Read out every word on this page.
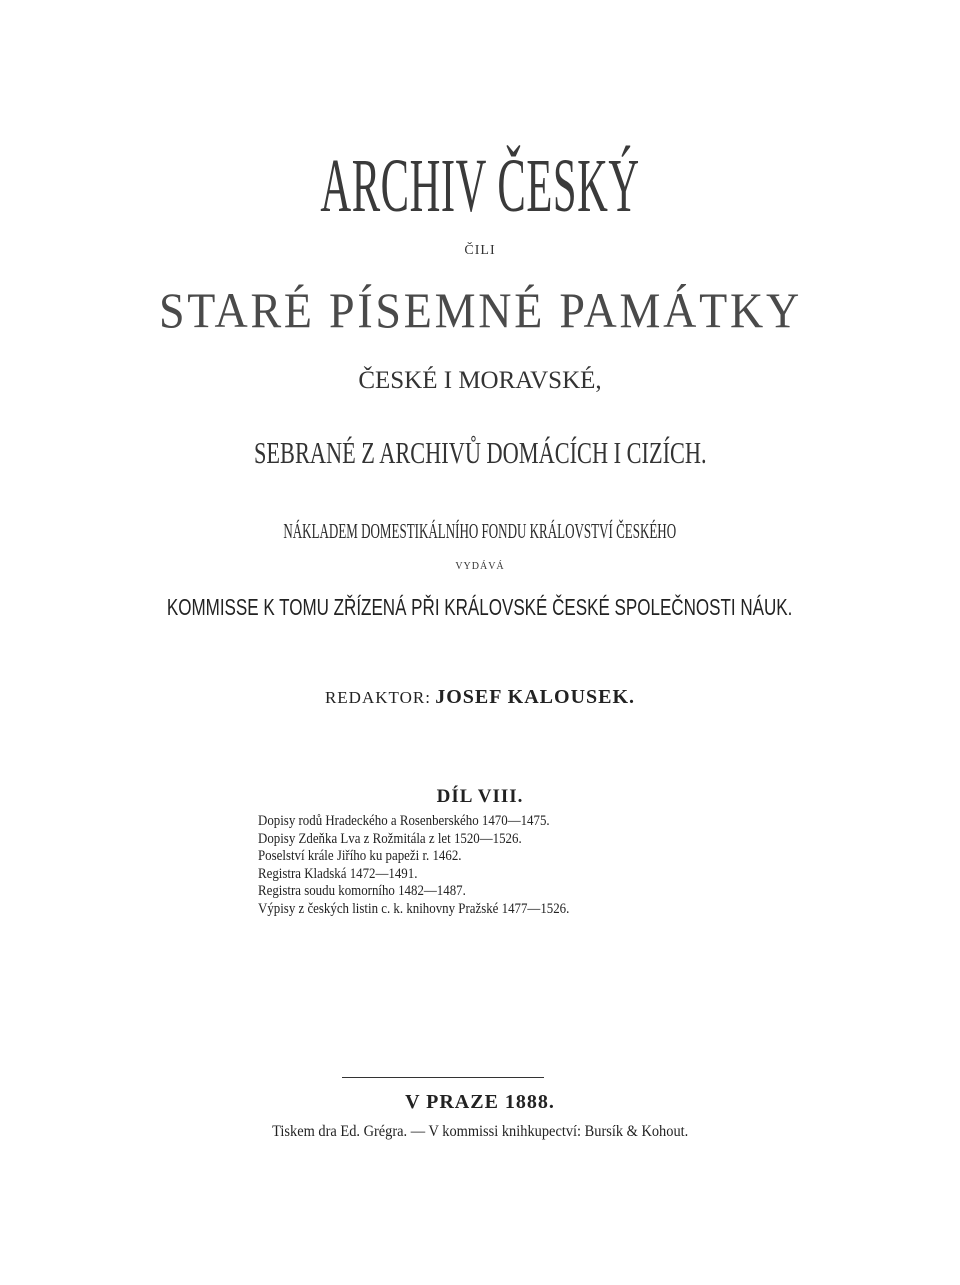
ARCHIV ČESKÝ
ČILI
STARÉ PÍSEMNÉ PAMÁTKY
ČESKÉ I MORAVSKÉ,
SEBRANÉ Z ARCHIVŮ DOMÁCÍCH I CIZÍCH.
NÁKLADEM DOMESTIKÁLNÍHO FONDU KRÁLOVSTVÍ ČESKÉHO
VYDÁVÁ
KOMMISSE K TOMU ZŘÍZENÁ PŘI KRÁLOVSKÉ ČESKÉ SPOLEČNOSTI NÁUK.
REDAKTOR: JOSEF KALOUSEK.
DÍL VIII.
Dopisy rodů Hradeckého a Rosenberského 1470—1475.
Dopisy Zdeňka Lva z Rožmitála z let 1520—1526.
Poselství krále Jiřího ku papeži r. 1462.
Registra Kladská 1472—1491.
Registra soudu komorního 1482—1487.
Výpisy z českých listin c. k. knihovny Pražské 1477—1526.
V PRAZE 1888.
Tiskem dra Ed. Grégra. — V kommissi knihkupectví: Bursík & Kohout.
